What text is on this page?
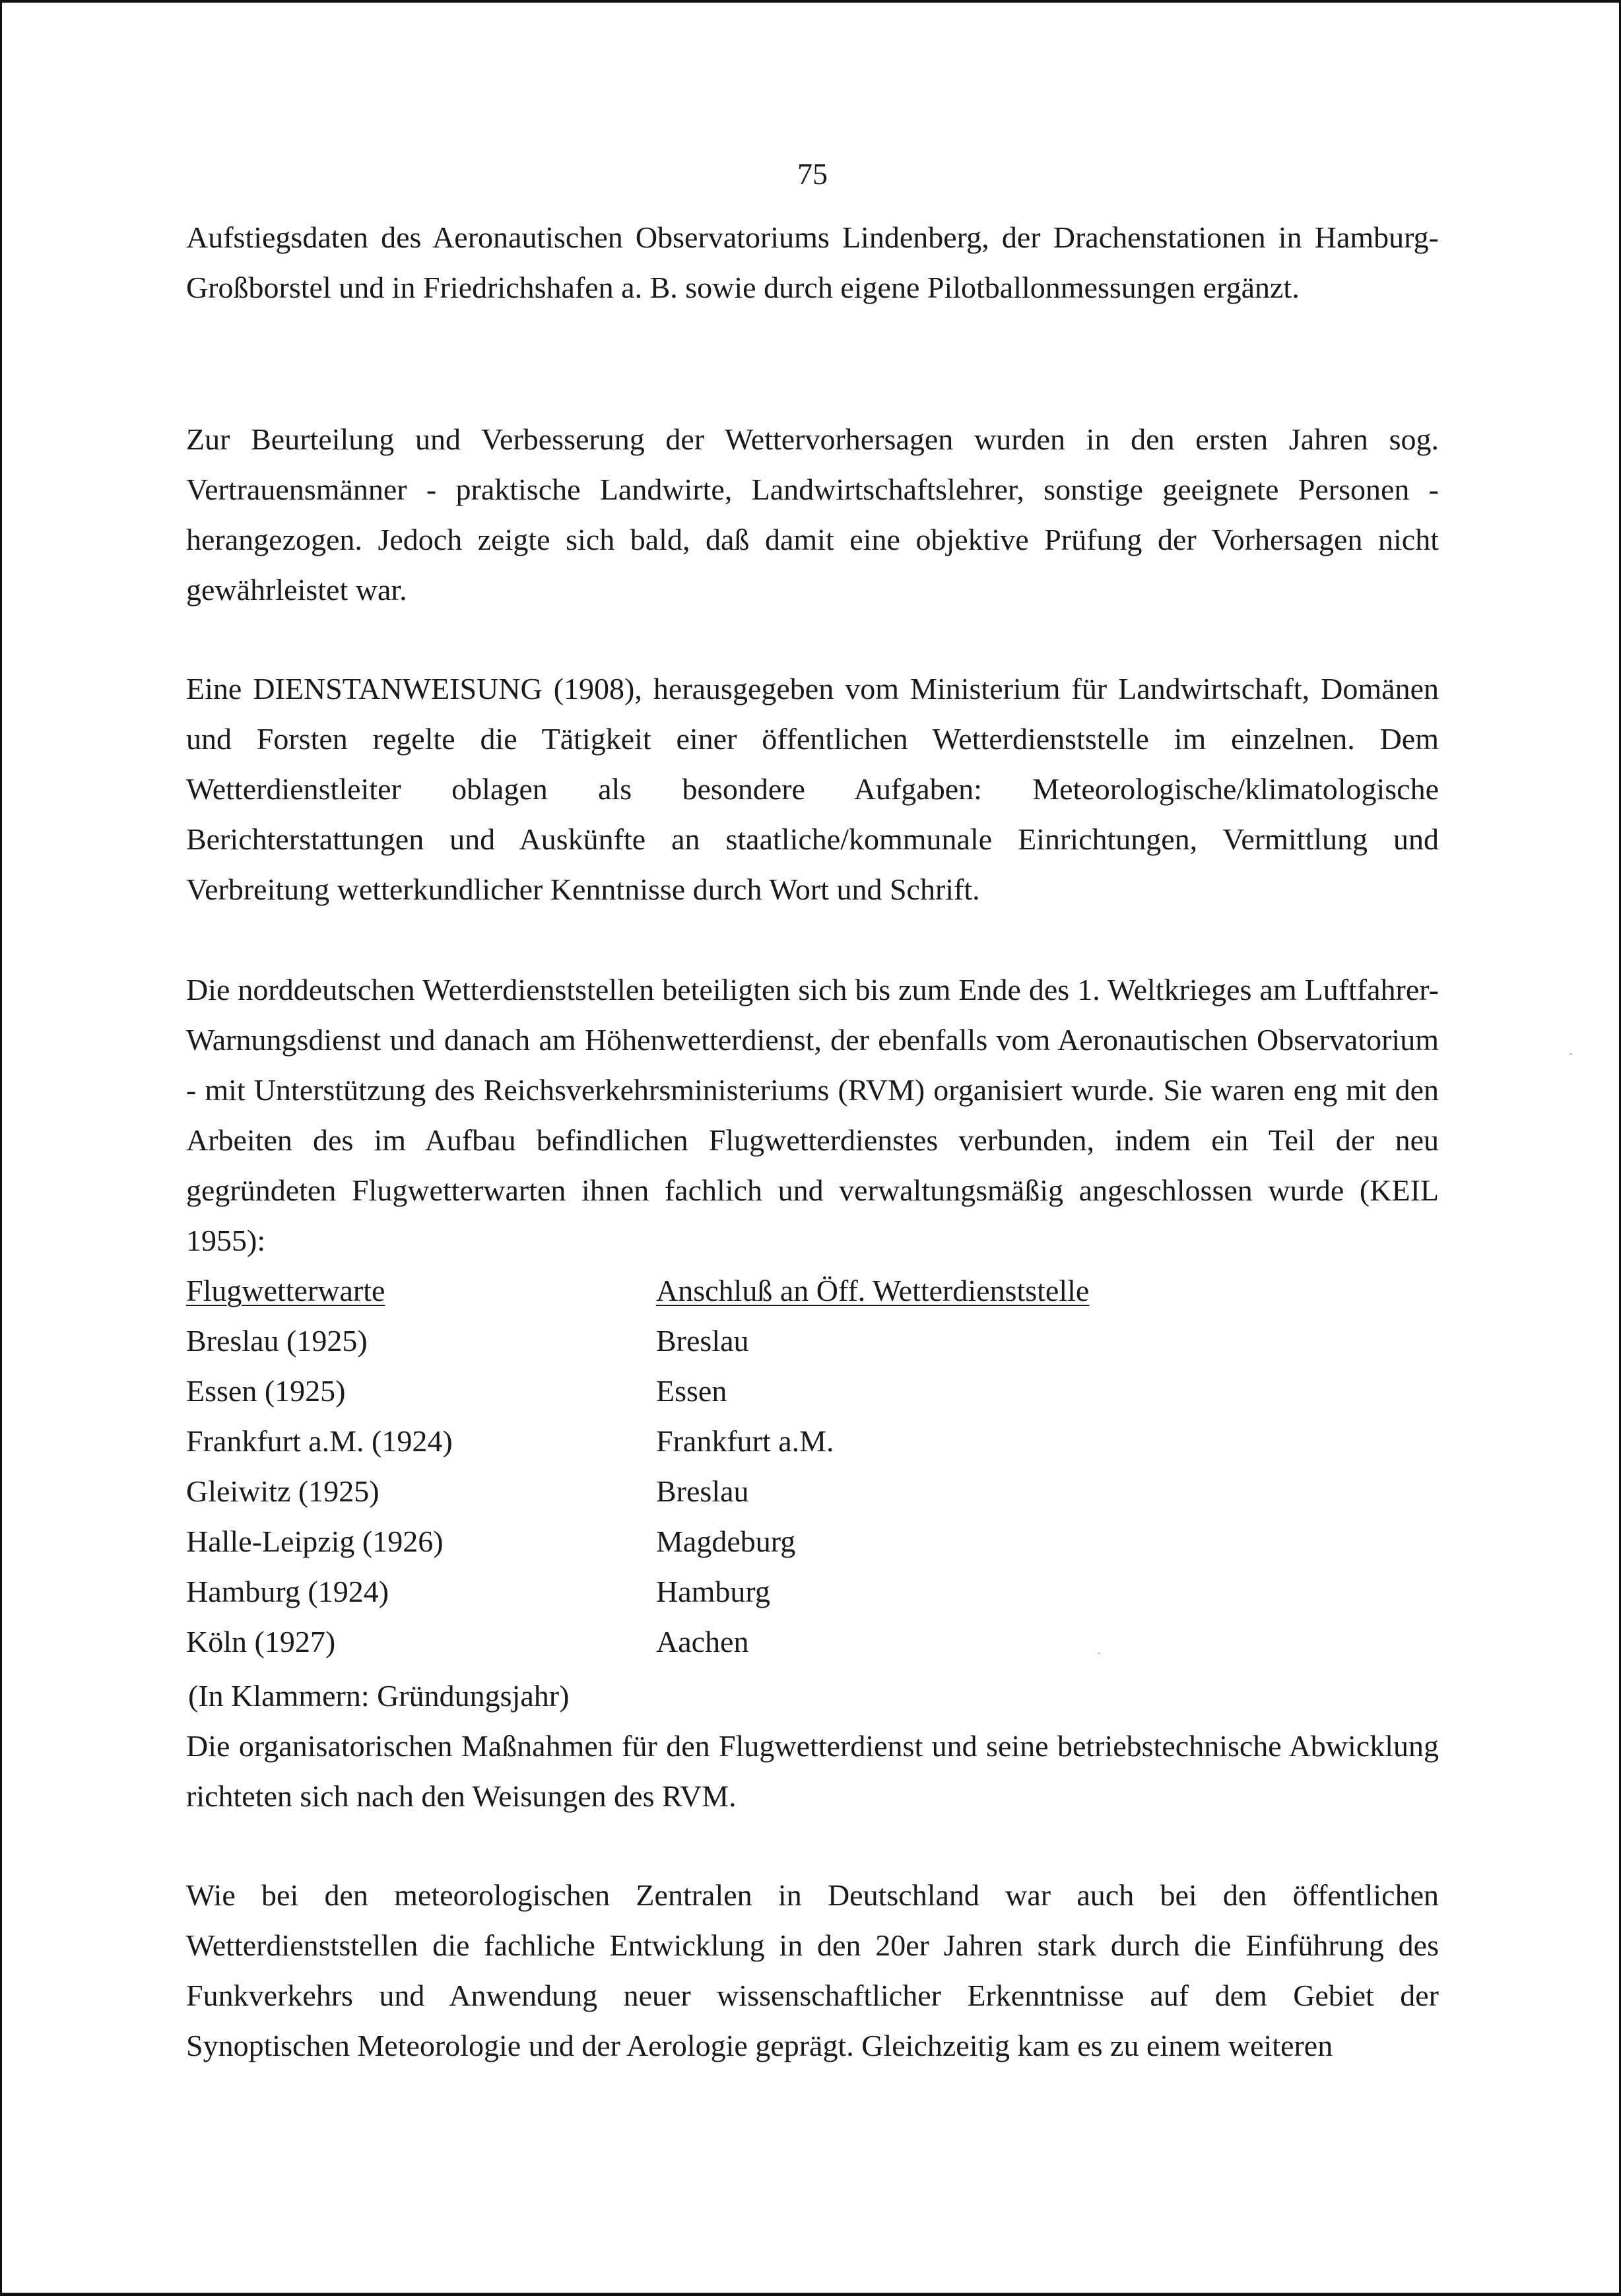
75
Aufstiegsdaten des Aeronautischen Observatoriums Lindenberg, der Drachenstationen in Hamburg-Großborstel und in Friedrichshafen a. B. sowie durch eigene Pilotballonmessungen ergänzt.
Zur Beurteilung und Verbesserung der Wettervorhersagen wurden in den ersten Jahren sog. Vertrauensmänner - praktische Landwirte, Landwirtschaftslehrer, sonstige geeignete Personen - herangezogen. Jedoch zeigte sich bald, daß damit eine objektive Prüfung der Vorhersagen nicht gewährleistet war.
Eine DIENSTANWEISUNG (1908), herausgegeben vom Ministerium für Landwirtschaft, Domänen und Forsten regelte die Tätigkeit einer öffentlichen Wetterdienststelle im einzelnen. Dem Wetterdienstleiter oblagen als besondere Aufgaben: Meteorologische/klimatologische Berichterstattungen und Auskünfte an staatliche/kommunale Einrichtungen, Vermittlung und Verbreitung wetterkundlicher Kenntnisse durch Wort und Schrift.
Die norddeutschen Wetterdienststellen beteiligten sich bis zum Ende des 1. Weltkrieges am Luftfahrer-Warnungsdienst und danach am Höhenwetterdienst, der ebenfalls vom Aeronautischen Observatorium - mit Unterstützung des Reichsverkehrsministeriums (RVM) organisiert wurde. Sie waren eng mit den Arbeiten des im Aufbau befindlichen Flugwetterdienstes verbunden, indem ein Teil der neu gegründeten Flugwetterwarten ihnen fachlich und verwaltungsmäßig angeschlossen wurde (KEIL 1955):
Flugwetterwarte	Anschluß an Öff. Wetterdienststelle
Breslau (1925)	Breslau
Essen (1925)	Essen
Frankfurt a.M. (1924)	Frankfurt a.M.
Gleiwitz (1925)	Breslau
Halle-Leipzig (1926)	Magdeburg
Hamburg (1924)	Hamburg
Köln (1927)	Aachen
(In Klammern: Gründungsjahr)
Die organisatorischen Maßnahmen für den Flugwetterdienst und seine betriebstechnische Abwicklung richteten sich nach den Weisungen des RVM.
Wie bei den meteorologischen Zentralen in Deutschland war auch bei den öffentlichen Wetterdienststellen die fachliche Entwicklung in den 20er Jahren stark durch die Einführung des Funkverkehrs und Anwendung neuer wissenschaftlicher Erkenntnisse auf dem Gebiet der Synoptischen Meteorologie und der Aerologie geprägt. Gleichzeitig kam es zu einem weiteren
